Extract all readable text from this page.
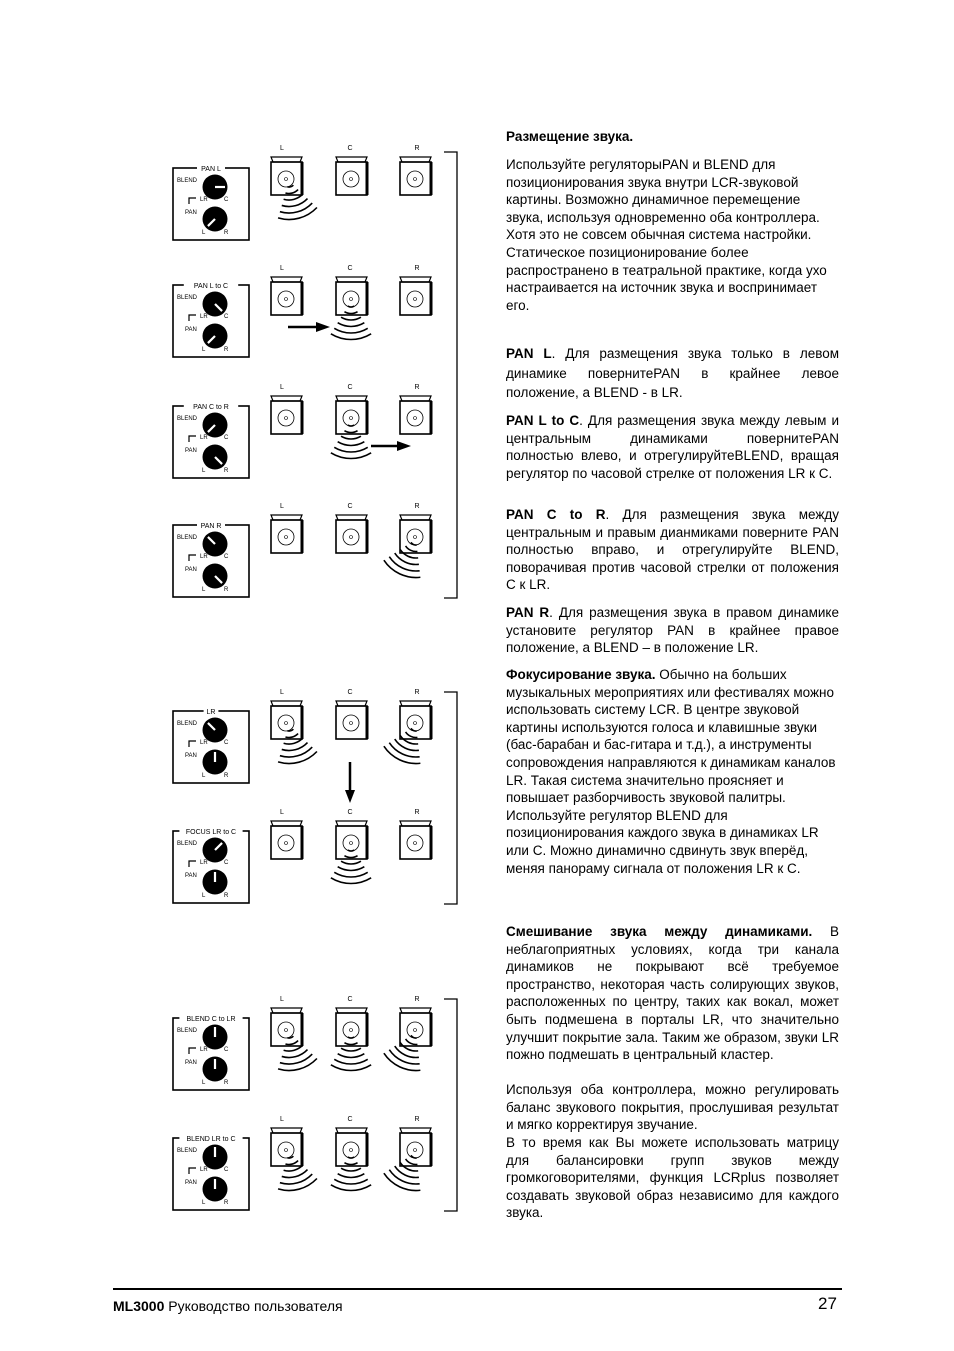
PAN L
BLEND
PAN
LR	C
L	R
L	C	R
PAN L to C
BLEND
PAN
LR	C
L	R
L	C	R
PAN C to R
BLEND
PAN
LR	C
L	R
L	C	R
PAN R
BLEND
PAN
LR	C
L	R
L	C	R
LR
BLEND
PAN
LR	C
L	R
L	C	R
FOCUS LR to C
BLEND
PAN
LR	C
L	R
L	C	R
BLEND C to LR
BLEND
PAN
LR	C
L	R
L	C	R
BLEND LR to C
BLEND
PAN
LR	C
L	R
L	C	R

Размещение звука.

Используйте регуляторыPAN и BLEND для позиционирования звука внутри LCR-звуковой картины. Возможно динамичное перемещение звука, используя одновременно оба контроллера. Хотя это не совсем обычная система настройки. Статическое позиционирование более распространено в театральной практике, когда ухо настраивается на источник звука и воспринимает его.

PAN L. Для размещения звука только в левом динамике повернитеPAN в крайнее левое положение, а BLEND - в LR.

PAN L to C. Для размещения звука между левым и центральным динамиками повернитеPAN полностью влево, и отрегулируйтеBLEND, вращая регулятор по часовой стрелке от положения LR к С.

PAN C to R. Для размещения звука между центральным и правым дианмиками поверните PAN полностью вправо, и отрегулируйте BLEND, поворачивая против часовой стрелки от положения С к LR.

PAN R. Для размещения звука в правом динамике установите регулятор PAN в крайнее правое положение, а BLEND – в положение LR.

Фокусирование звука. Обычно на больших музыкальных мероприятиях или фестивалях можно использовать систему LCR. В центре звуковой картины используются голоса и клавишные звуки (бас-барабан и бас-гитара и т.д.), а инструменты сопровождения направляются к динамикам каналов LR. Такая система значительно проясняет и повышает разборчивость звуковой палитры. Используйте регулятор BLEND для позиционирования каждого звука в динамиках LR или С. Можно динамично сдвинуть звук вперёд, меняя панораму сигнала от положения LR к С.

Смешивание звука между динамиками. В неблагоприятных условиях, когда три канала динамиков не покрывают всё требуемое пространство, некоторая часть солирующих звуков, расположенных по центру, таких как вокал, может быть подмешена в порталы LR, что значительно улучшит покрытие зала. Таким же образом, звуки LR пожно подмешать в центральный кластер.

Используя оба контроллера, можно регулировать баланс звукового покрытия, прослушивая результат и мягко корректируя звучание.

В то время как Вы можете использовать матрицу для балансировки групп звуков между громкоговорителями, функция LCRplus позволяет создавать звуковой образ независимо для каждого звука.

ML3000 Руководство пользователя	27
